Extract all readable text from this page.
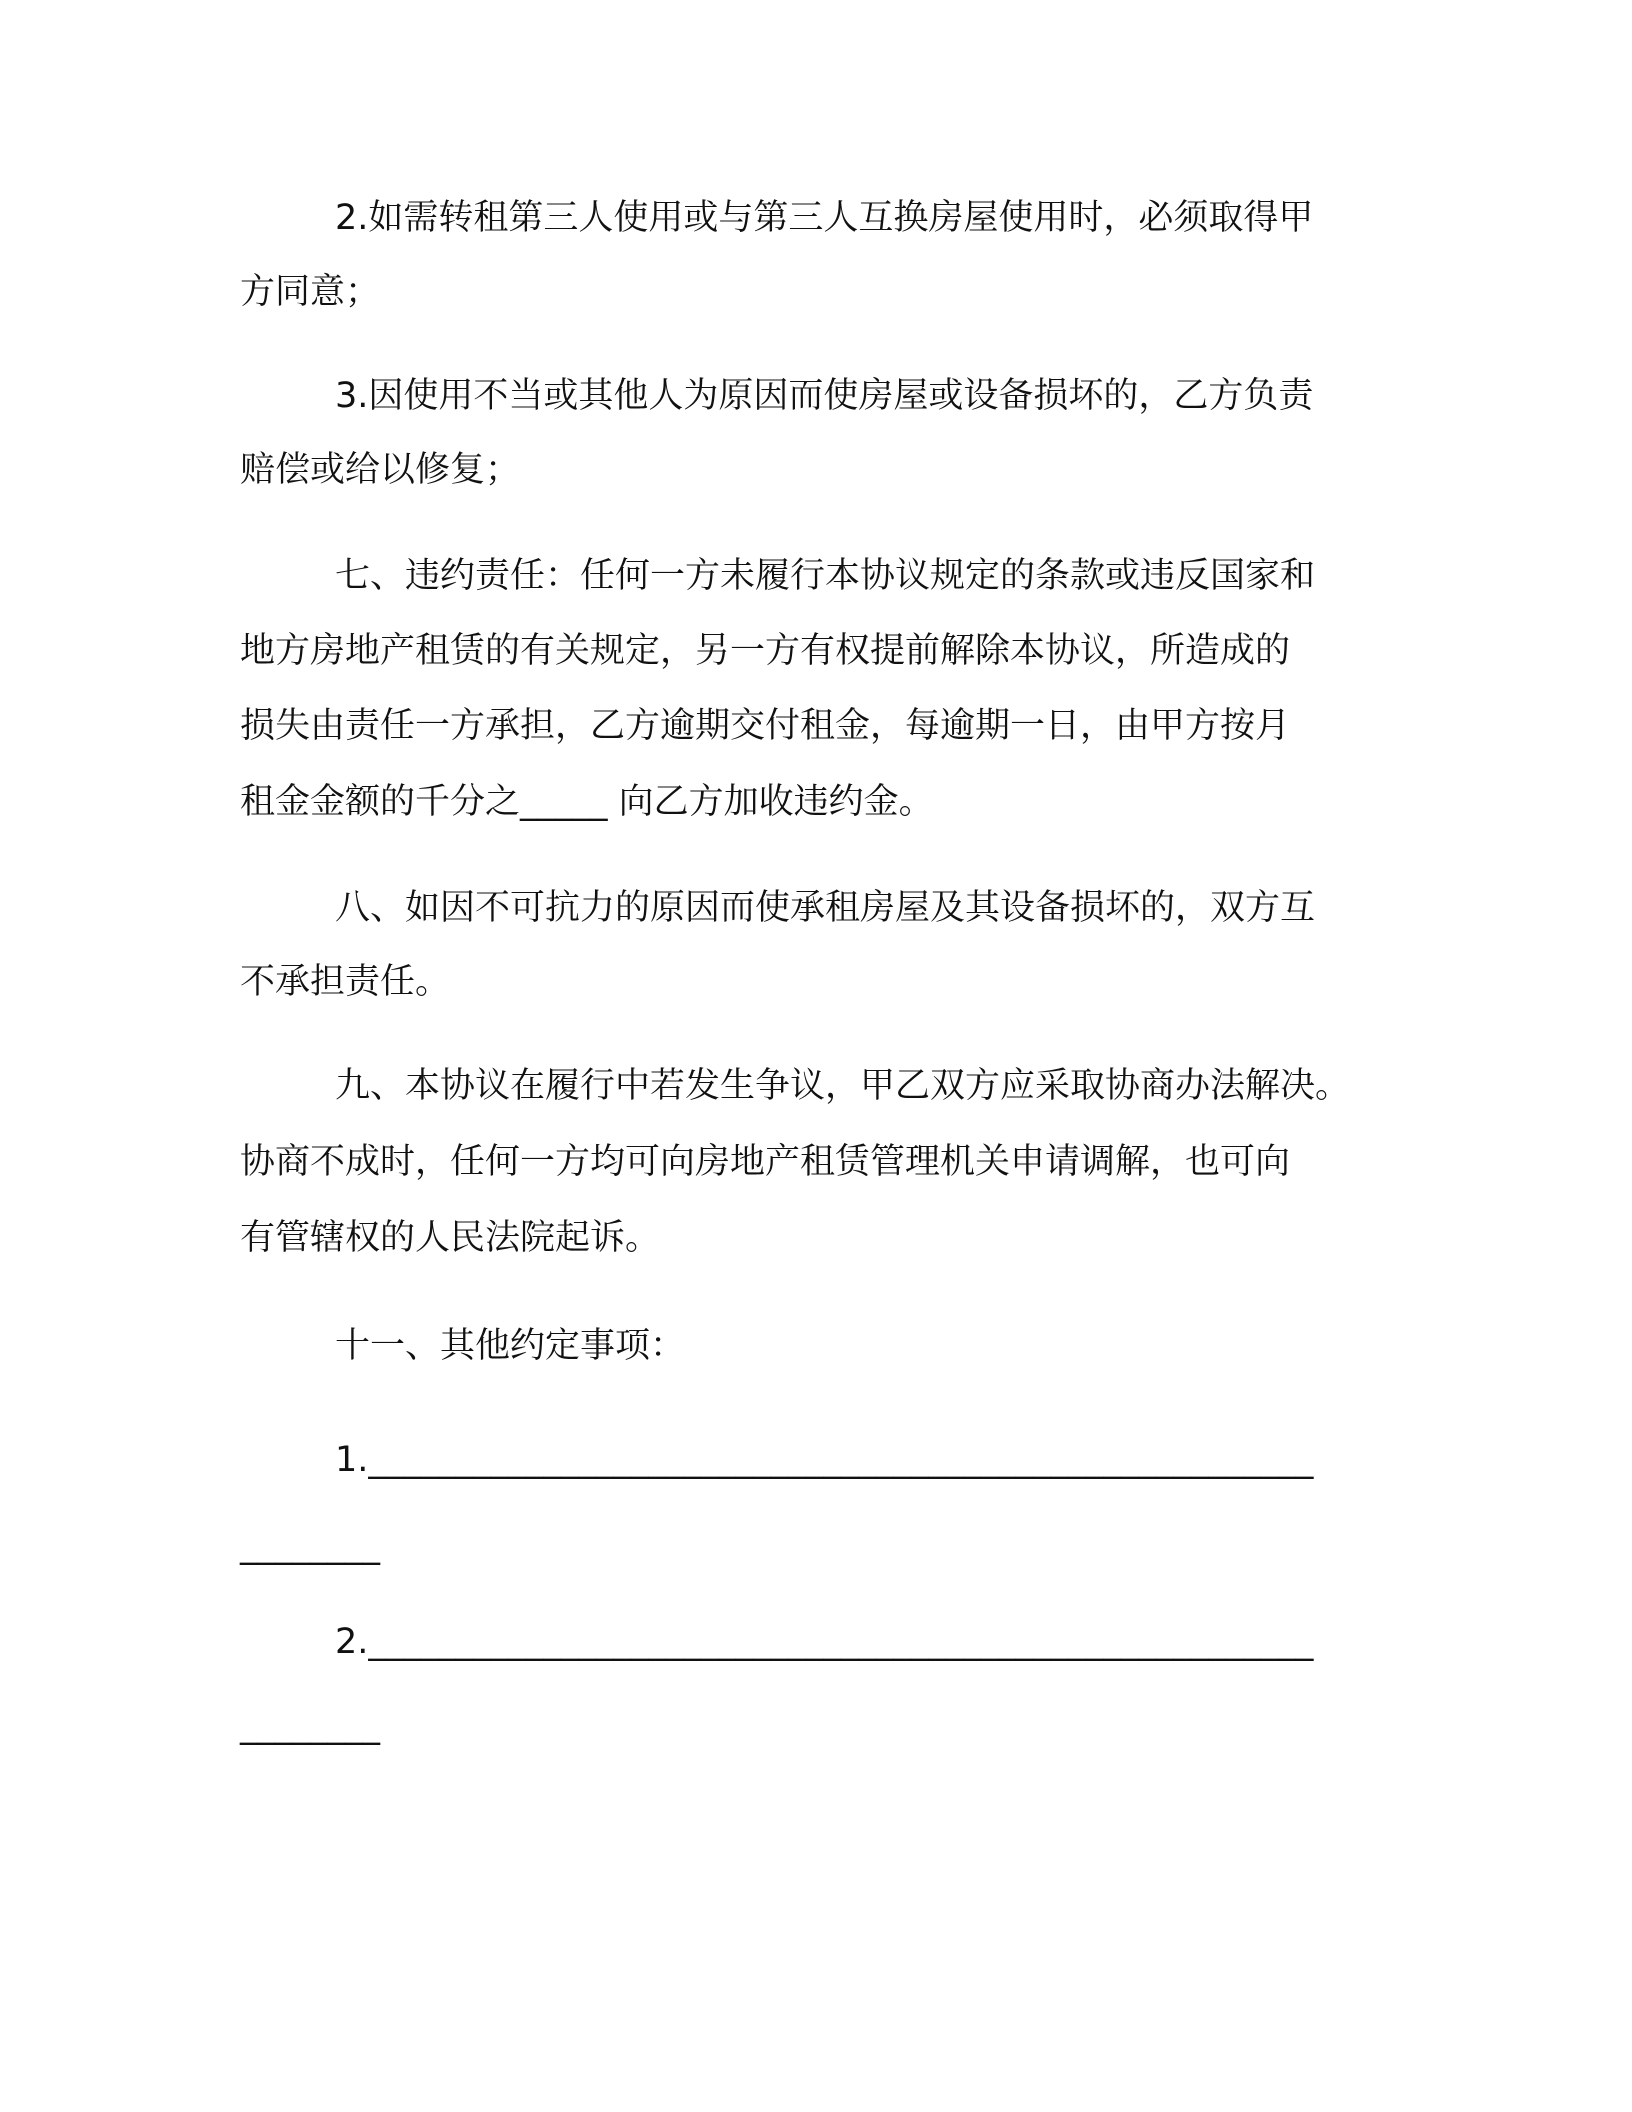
2.如需转租第三人使用或与第三人互换房屋使用时，必须取得甲
方同意；
3.因使用不当或其他人为原因而使房屋或设备损坏的，乙方负责
赔偿或给以修复；
七、违约责任：任何一方未履行本协议规定的条款或违反国家和
地方房地产租赁的有关规定，另一方有权提前解除本协议，所造成的
损失由责任一方承担，乙方逾期交付租金，每逾期一日，由甲方按月
租金金额的千分之_____ 向乙方加收违约金。
八、如因不可抗力的原因而使承租房屋及其设备损坏的，双方互
不承担责任。
九、本协议在履行中若发生争议，甲乙双方应采取协商办法解决。
协商不成时，任何一方均可向房地产租赁管理机关申请调解，也可向
有管辖权的人民法院起诉。
十一、其他约定事项：
1.______________________________________________________
________
2.______________________________________________________
________
